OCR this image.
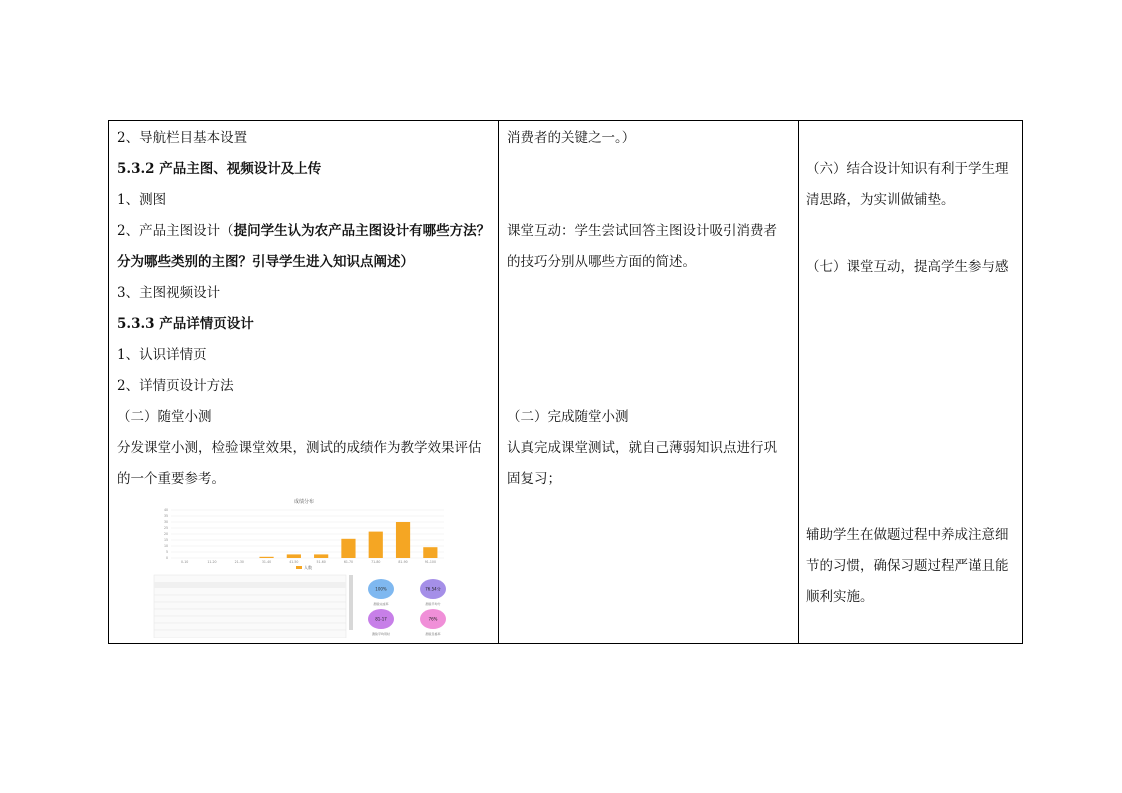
2、导航栏目基本设置
5.3.2 产品主图、视频设计及上传
1、测图
2、产品主图设计（提问学生认为农产品主图设计有哪些方法？
分为哪些类别的主图？引导学生进入知识点阐述）
3、主图视频设计
5.3.3 产品详情页设计
1、认识详情页
2、详情页设计方法
（二）随堂小测
分发课堂小测，检验课堂效果，测试的成绩作为教学效果评估
的一个重要参考。
成绩分布
0
5
10
15
20
25
30
35
40
0-10	11-20	21-30	31-40	41-50	51-60	61-70	71-80	81-90	91-100
人数
100%
测验完成率
76.54分
测验平均分
81-17
测验平均用时
76%
测验及格率
消费者的关键之一。）
课堂互动：学生尝试回答主图设计吸引消费者
的技巧分别从哪些方面的简述。
（二）完成随堂小测
认真完成课堂测试，就自己薄弱知识点进行巩
固复习；
（六）结合设计知识有利于学生理
清思路，为实训做铺垫。
（七）课堂互动，提高学生参与感
辅助学生在做题过程中养成注意细
节的习惯，确保习题过程严谨且能
顺利实施。
